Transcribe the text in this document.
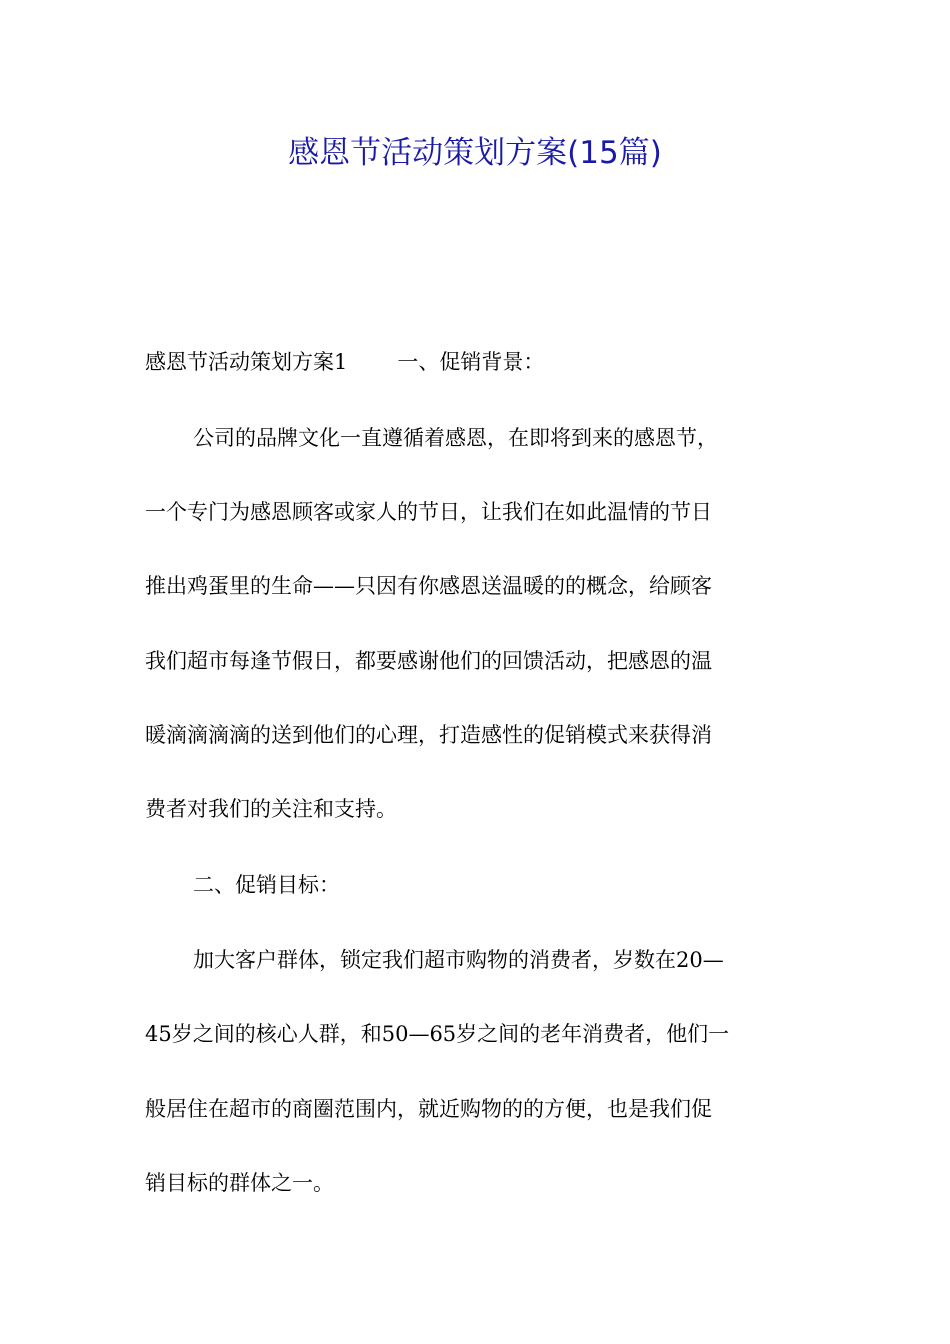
感恩节活动策划方案(15篇)

感恩节活动策划方案1 一、促销背景：

公司的品牌文化一直遵循着感恩，在即将到来的感恩节，

一个专门为感恩顾客或家人的节日，让我们在如此温情的节日

推出鸡蛋里的生命——只因有你感恩送温暖的的概念，给顾客

我们超市每逢节假日，都要感谢他们的回馈活动，把感恩的温

暖滴滴滴滴的送到他们的心理，打造感性的促销模式来获得消

费者对我们的关注和支持。

二、促销目标：

加大客户群体，锁定我们超市购物的消费者，岁数在20—

45岁之间的核心人群，和50—65岁之间的老年消费者，他们一

般居住在超市的商圈范围内，就近购物的的方便，也是我们促

销目标的群体之一。
